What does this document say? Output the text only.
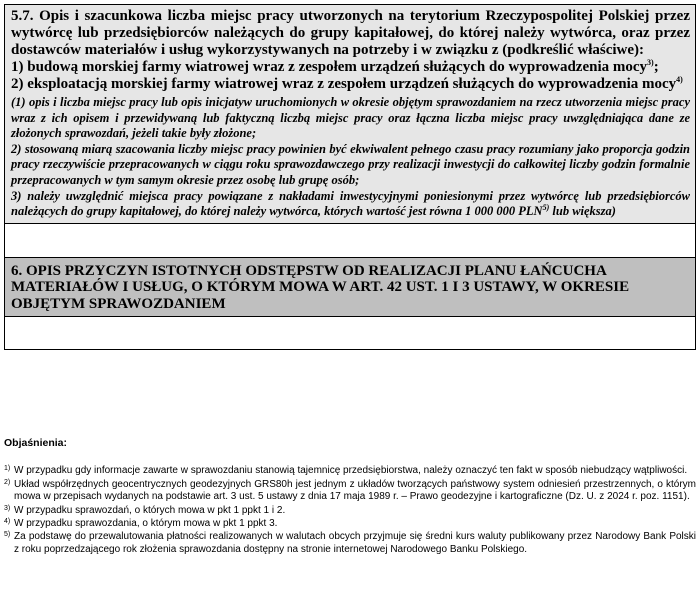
5.7. Opis i szacunkowa liczba miejsc pracy utworzonych na terytorium Rzeczypospolitej Polskiej przez wytwórcę lub przedsiębiorców należących do grupy kapitałowej, do której należy wytwórca, oraz przez dostawców materiałów i usług wykorzystywanych na potrzeby i w związku z (podkreślić właściwe):

1) budową morskiej farmy wiatrowej wraz z zespołem urządzeń służących do wyprowadzenia mocy$^{3)}$;

2) eksploatacją morskiej farmy wiatrowej wraz z zespołem urządzeń służących do wyprowadzenia mocy$^{4)}$

(1) opis i liczba miejsc pracy lub opis inicjatyw uruchomionych w okresie objętym sprawozdaniem na rzecz utworzenia miejsc pracy wraz z ich opisem i przewidywaną lub faktyczną liczbą miejsc pracy oraz łączna liczba miejsc pracy uwzględniająca dane ze złożonych sprawozdań, jeżeli takie były złożone;

2) stosowaną miarą szacowania liczby miejsc pracy powinien być ekwiwalent pełnego czasu pracy rozumiany jako proporcja godzin pracy rzeczywiście przepracowanych w ciągu roku sprawozdawczego przy realizacji inwestycji do całkowitej liczby godzin formalnie przepracowanych w tym samym okresie przez osobę lub grupę osób;

3) należy uwzględnić miejsca pracy powiązane z nakładami inwestycyjnymi poniesionymi przez wytwórcę lub przedsiębiorców należących do grupy kapitałowej, do której należy wytwórca, których wartość jest równa 1 000 000 PLN$^{5)}$ lub większa)

6. OPIS PRZYCZYN ISTOTNYCH ODSTĘPSTW OD REALIZACJI PLANU ŁAŃCUCHA MATERIAŁÓW I USŁUG, O KTÓRYM MOWA W ART. 42 UST. 1 I 3 USTAWY, W OKRESIE OBJĘTYM SPRAWOZDANIEM

Objaśnienia:

1) W przypadku gdy informacje zawarte w sprawozdaniu stanowią tajemnicę przedsiębiorstwa, należy oznaczyć ten fakt w sposób niebudzący wątpliwości.

2) Układ współrzędnych geocentrycznych geodezyjnych GRS80h jest jednym z układów tworzących państwowy system odniesień przestrzennych, o którym mowa w przepisach wydanych na podstawie art. 3 ust. 5 ustawy z dnia 17 maja 1989 r. – Prawo geodezyjne i kartograficzne (Dz. U. z 2024 r. poz. 1151).

3) W przypadku sprawozdań, o których mowa w pkt 1 ppkt 1 i 2.

4) W przypadku sprawozdania, o którym mowa w pkt 1 ppkt 3.

5) Za podstawę do przewalutowania płatności realizowanych w walutach obcych przyjmuje się średni kurs waluty publikowany przez Narodowy Bank Polski z roku poprzedzającego rok złożenia sprawozdania dostępny na stronie internetowej Narodowego Banku Polskiego.
